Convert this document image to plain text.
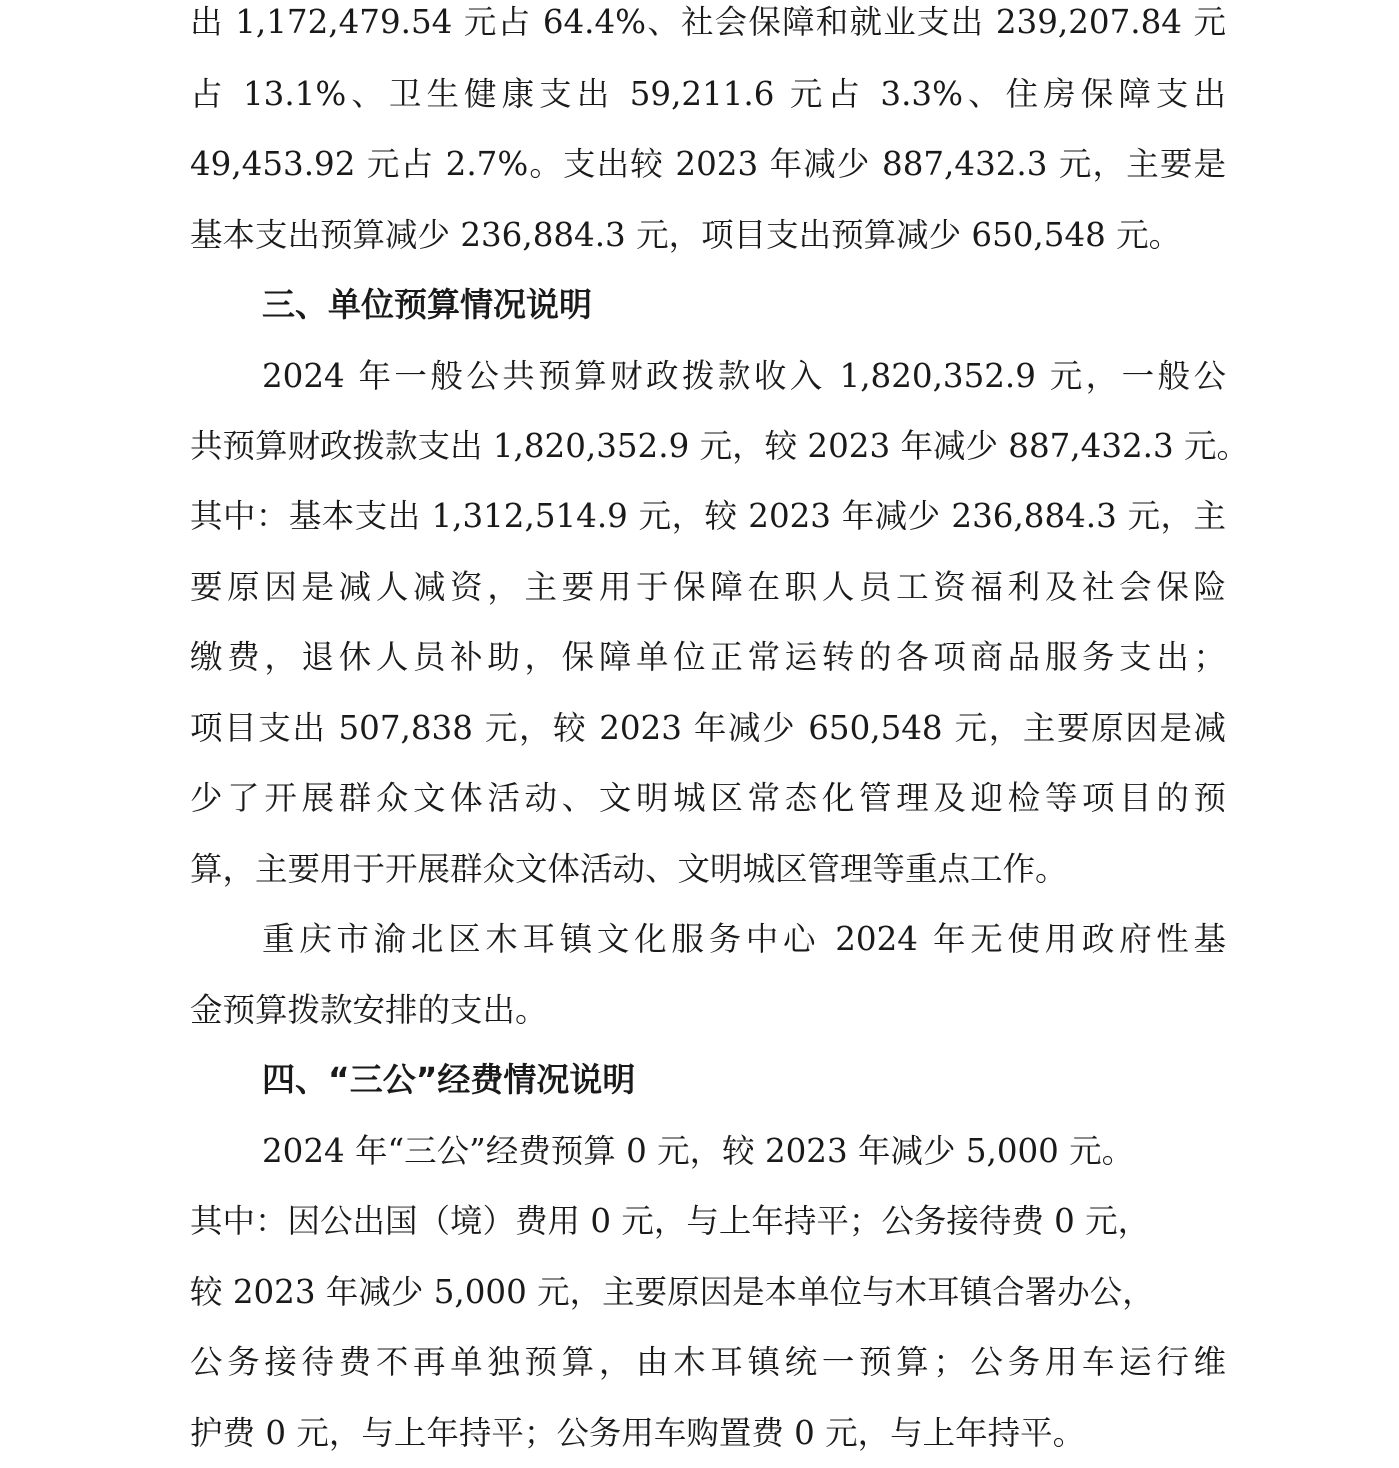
出 1,172,479.54 元占 64.4%、社会保障和就业支出 239,207.84 元
占 13.1%、卫生健康支出 59,211.6 元占 3.3%、住房保障支出
49,453.92 元占 2.7%。支出较 2023 年减少 887,432.3 元，主要是
基本支出预算减少 236,884.3 元，项目支出预算减少 650,548 元。
三、单位预算情况说明
2024 年一般公共预算财政拨款收入 1,820,352.9 元，一般公
共预算财政拨款支出 1,820,352.9 元，较 2023 年减少 887,432.3 元。
其中：基本支出 1,312,514.9 元，较 2023 年减少 236,884.3 元，主
要原因是减人减资，主要用于保障在职人员工资福利及社会保险
缴费，退休人员补助，保障单位正常运转的各项商品服务支出；
项目支出 507,838 元，较 2023 年减少 650,548 元，主要原因是减
少了开展群众文体活动、文明城区常态化管理及迎检等项目的预
算，主要用于开展群众文体活动、文明城区管理等重点工作。
重庆市渝北区木耳镇文化服务中心 2024 年无使用政府性基
金预算拨款安排的支出。
四、“三公”经费情况说明
2024 年“三公”经费预算 0 元，较 2023 年减少 5,000 元。
其中：因公出国（境）费用 0 元，与上年持平；公务接待费 0 元，
较 2023 年减少 5,000 元，主要原因是本单位与木耳镇合署办公，
公务接待费不再单独预算，由木耳镇统一预算；公务用车运行维
护费 0 元，与上年持平；公务用车购置费 0 元，与上年持平。
